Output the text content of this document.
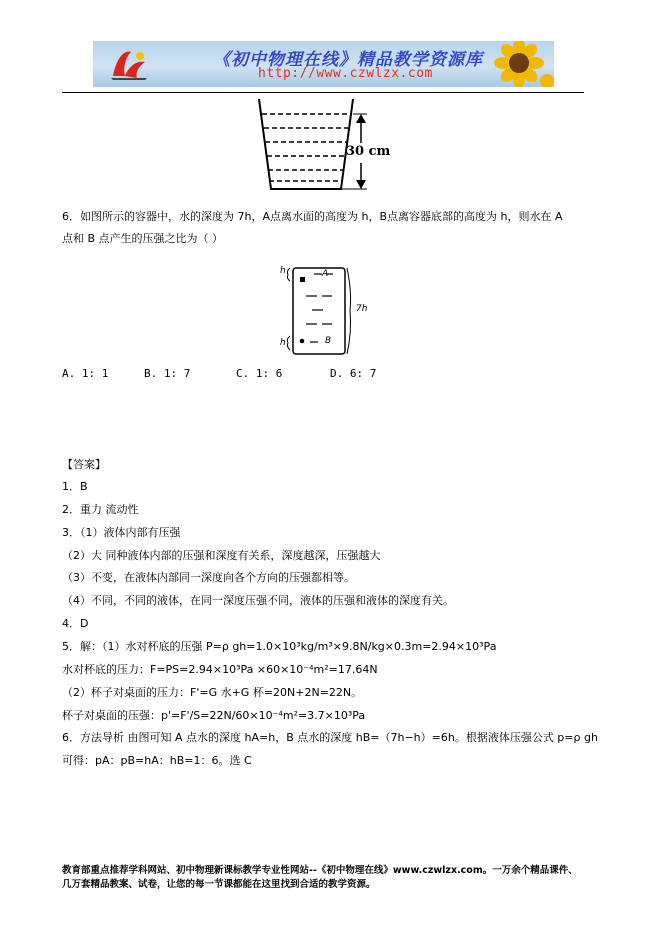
《初中物理在线》精品教学资源库
http://www.czwlzx.com
30 cm
6．如图所示的容器中，水的深度为 7h，A点离水面的高度为 h，B点离容器底部的高度为 h，则水在 A
点和 B 点产生的压强之比为（ ）
h
h
7h
A
B
A. 1: 1	B. 1: 7	C. 1: 6	D. 6: 7
【答案】
1．B
2．重力 流动性
3．（1）液体内部有压强
（2）大 同种液体内部的压强和深度有关系，深度越深，压强越大
（3）不变，在液体内部同一深度向各个方向的压强都相等。
（4）不同，不同的液体，在同一深度压强不同，液体的压强和液体的深度有关。
4．D
5．解：（1）水对杯底的压强 P=ρ gh=1.0×10³kg/m³×9.8N/kg×0.3m=2.94×10³Pa
水对杯底的压力：F=PS=2.94×10³Pa ×60×10⁻⁴m²=17.64N
（2）杯子对桌面的压力：F'=G 水+G 杯=20N+2N=22N。
杯子对桌面的压强：p'=F'/S=22N/60×10⁻⁴m²=3.7×10³Pa
6．方法导析 由图可知 A 点水的深度 hA=h，B 点水的深度 hB=（7h−h）=6h。根据液体压强公式 p=ρ gh
可得：pA：pB=hA：hB=1：6。选 C
教育部重点推荐学科网站、初中物理新课标教学专业性网站--《初中物理在线》www.czwlzx.com。一万余个精品课件、
几万套精品教案、试卷，让您的每一节课都能在这里找到合适的教学资源。
